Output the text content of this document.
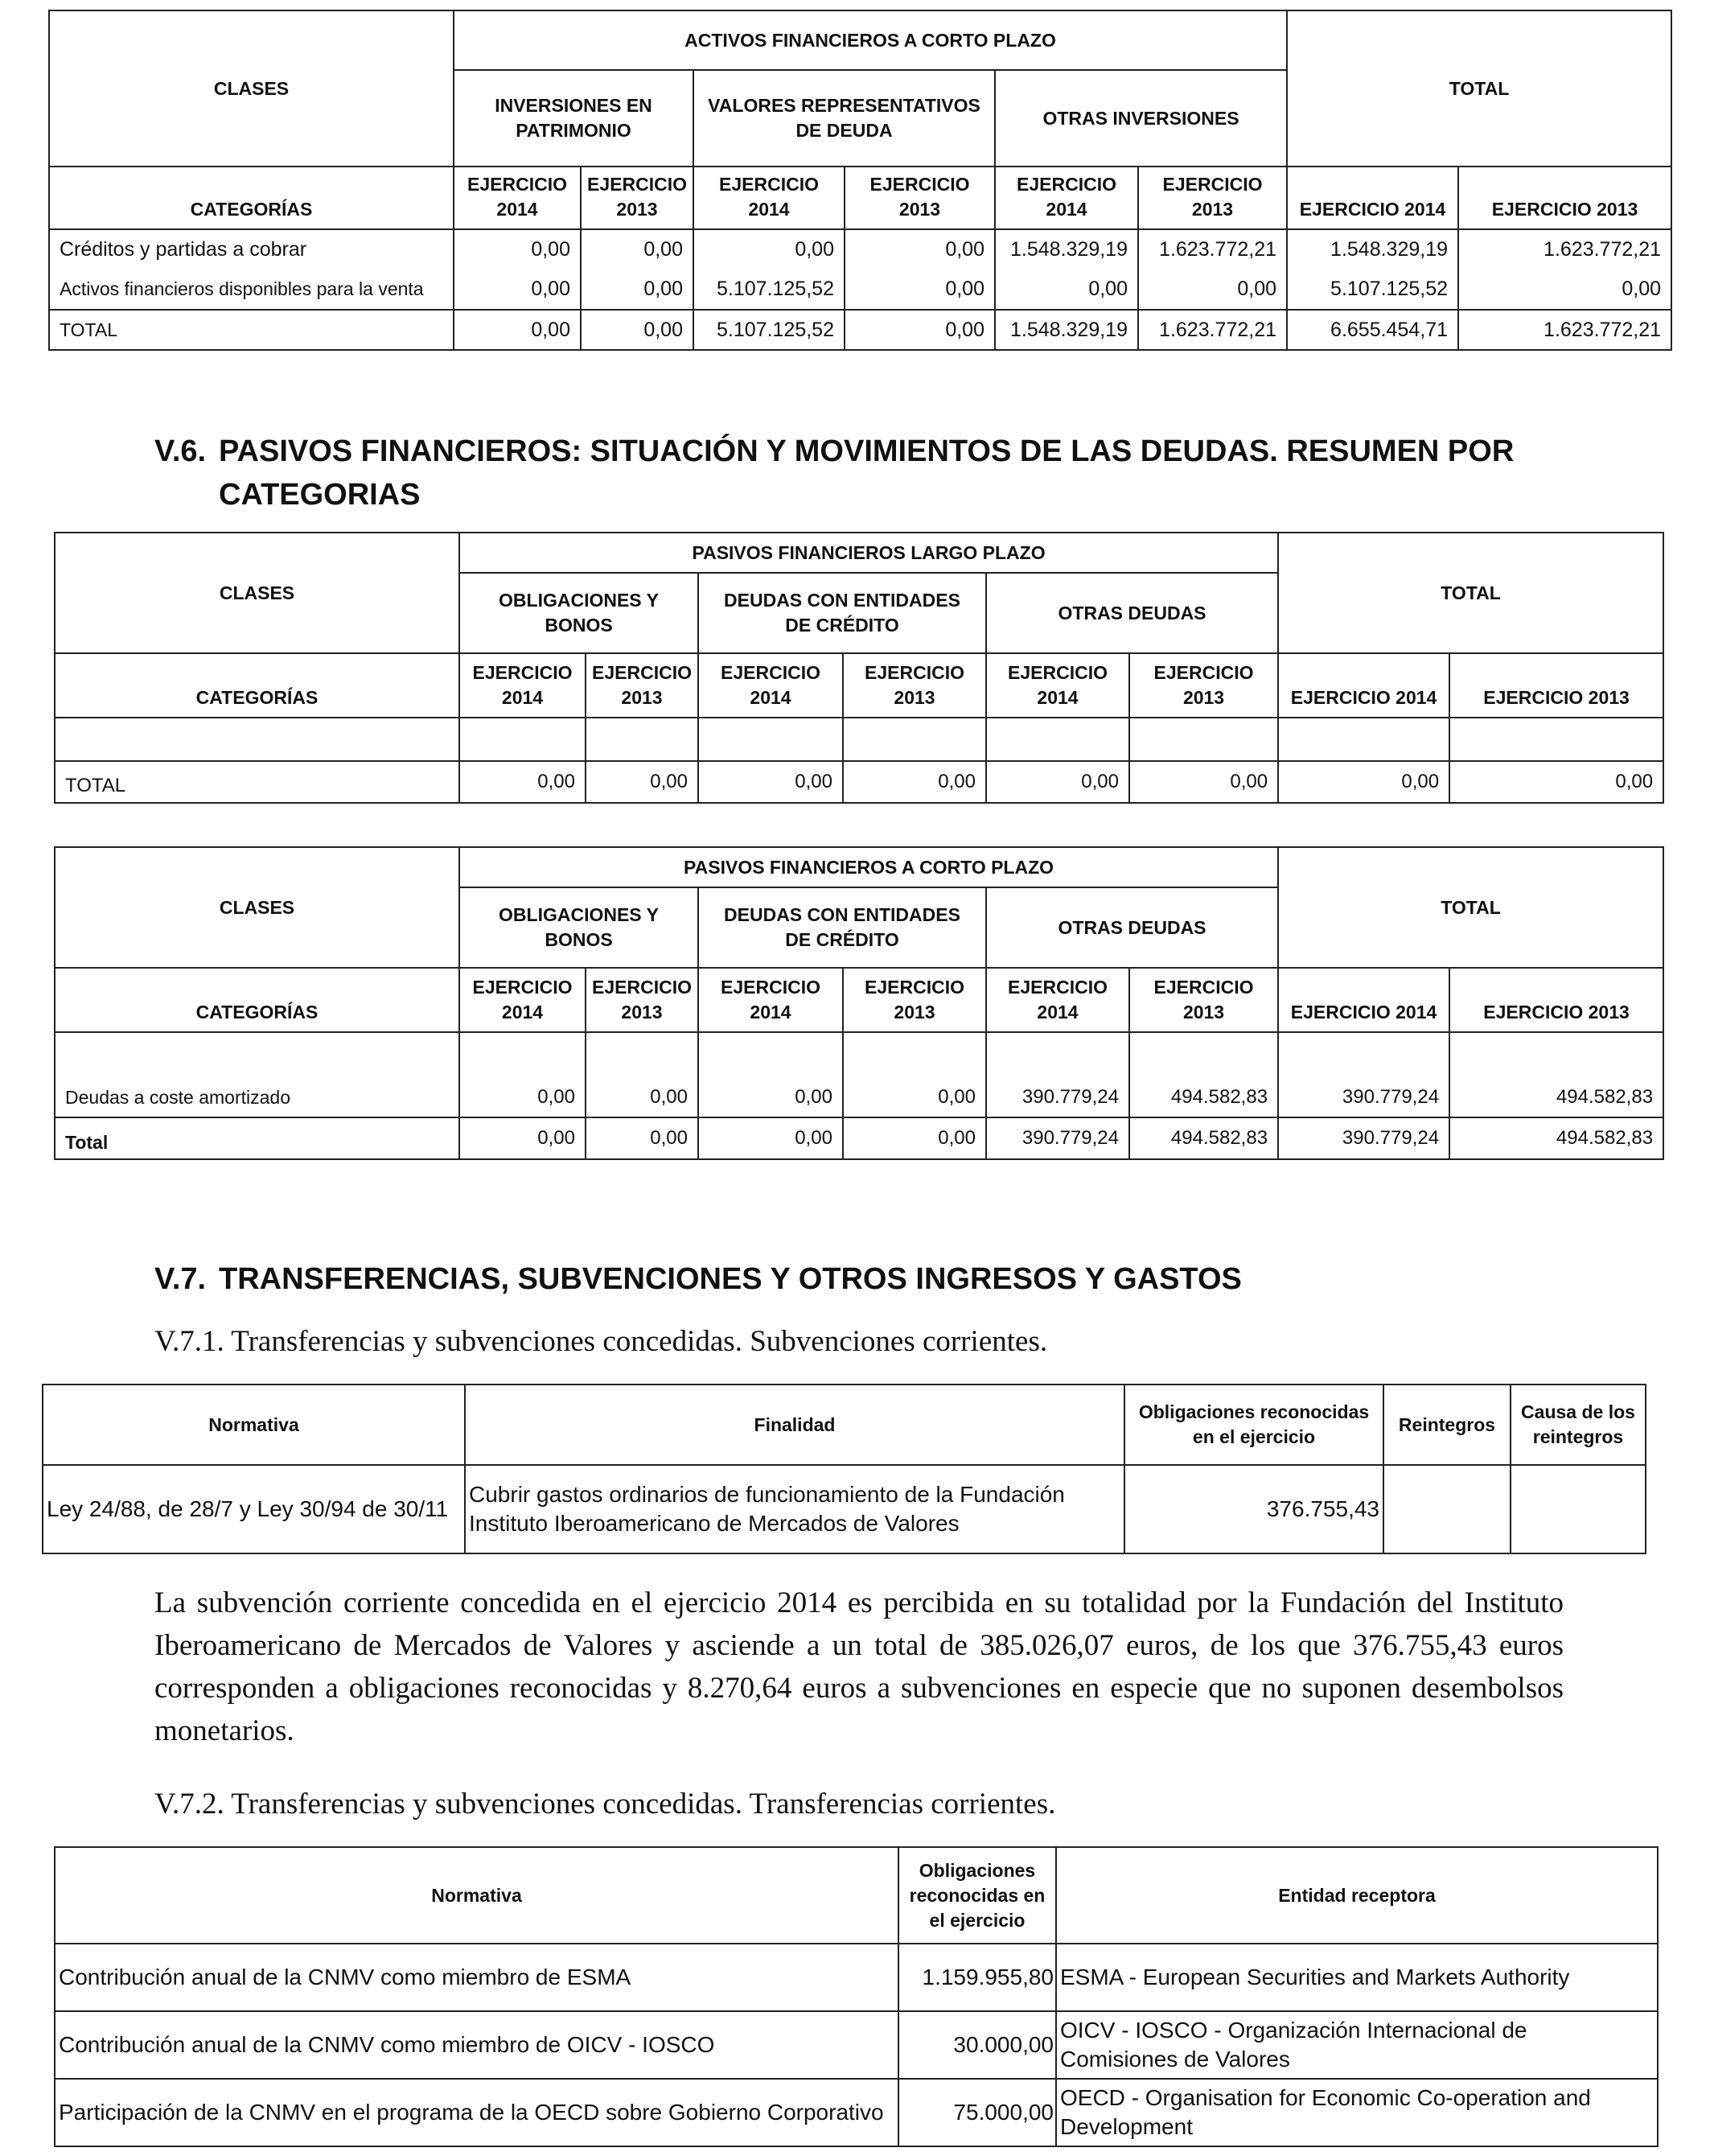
CLASES	ACTIVOS FINANCIEROS A CORTO PLAZO						TOTAL	
	INVERSIONES EN PATRIMONIO		VALORES REPRESENTATIVOS DE DEUDA		OTRAS INVERSIONES			
CATEGORÍAS	EJERCICIO 2014	EJERCICIO 2013	EJERCICIO 2014	EJERCICIO 2013	EJERCICIO 2014	EJERCICIO 2013	EJERCICIO 2014	EJERCICIO 2013
Créditos y partidas a cobrar	0,00	0,00	0,00	0,00	1.548.329,19	1.623.772,21	1.548.329,19	1.623.772,21
Activos financieros disponibles para la venta	0,00	0,00	5.107.125,52	0,00	0,00	0,00	5.107.125,52	0,00
TOTAL	0,00	0,00	5.107.125,52	0,00	1.548.329,19	1.623.772,21	6.655.454,71	1.623.772,21
V.6. PASIVOS FINANCIEROS: SITUACIÓN Y MOVIMIENTOS DE LAS DEUDAS. RESUMEN POR CATEGORIAS
CLASES	PASIVOS FINANCIEROS LARGO PLAZO						TOTAL	
	OBLIGACIONES Y BONOS		DEUDAS CON ENTIDADES DE CRÉDITO		OTRAS DEUDAS			
CATEGORÍAS	EJERCICIO 2014	EJERCICIO 2013	EJERCICIO 2014	EJERCICIO 2013	EJERCICIO 2014	EJERCICIO 2013	EJERCICIO 2014	EJERCICIO 2013

TOTAL	0,00	0,00	0,00	0,00	0,00	0,00	0,00	0,00
CLASES	PASIVOS FINANCIEROS A CORTO PLAZO						TOTAL	
	OBLIGACIONES Y BONOS		DEUDAS CON ENTIDADES DE CRÉDITO		OTRAS DEUDAS			
CATEGORÍAS	EJERCICIO 2014	EJERCICIO 2013	EJERCICIO 2014	EJERCICIO 2013	EJERCICIO 2014	EJERCICIO 2013	EJERCICIO 2014	EJERCICIO 2013
Deudas a coste amortizado	0,00	0,00	0,00	0,00	390.779,24	494.582,83	390.779,24	494.582,83
Total	0,00	0,00	0,00	0,00	390.779,24	494.582,83	390.779,24	494.582,83
V.7. TRANSFERENCIAS, SUBVENCIONES Y OTROS INGRESOS Y GASTOS
V.7.1. Transferencias y subvenciones concedidas. Subvenciones corrientes.
Normativa	Finalidad	Obligaciones reconocidas en el ejercicio	Reintegros	Causa de los reintegros
Ley 24/88, de 28/7 y Ley 30/94 de 30/11	Cubrir gastos ordinarios de funcionamiento de la Fundación Instituto Iberoamericano de Mercados de Valores	376.755,43		
La subvención corriente concedida en el ejercicio 2014 es percibida en su totalidad por la Fundación del Instituto Iberoamericano de Mercados de Valores y asciende a un total de 385.026,07 euros, de los que 376.755,43 euros corresponden a obligaciones reconocidas y 8.270,64 euros a subvenciones en especie que no suponen desembolsos monetarios.
V.7.2. Transferencias y subvenciones concedidas. Transferencias corrientes.
Normativa	Obligaciones reconocidas en el ejercicio	Entidad receptora
Contribución anual de la CNMV como miembro de ESMA	1.159.955,80	ESMA - European Securities and Markets Authority
Contribución anual de la CNMV como miembro de OICV - IOSCO	30.000,00	OICV - IOSCO - Organización Internacional de Comisiones de Valores
Participación de la CNMV en el programa de la OECD sobre Gobierno Corporativo	75.000,00	OECD - Organisation for Economic Co-operation and Development
